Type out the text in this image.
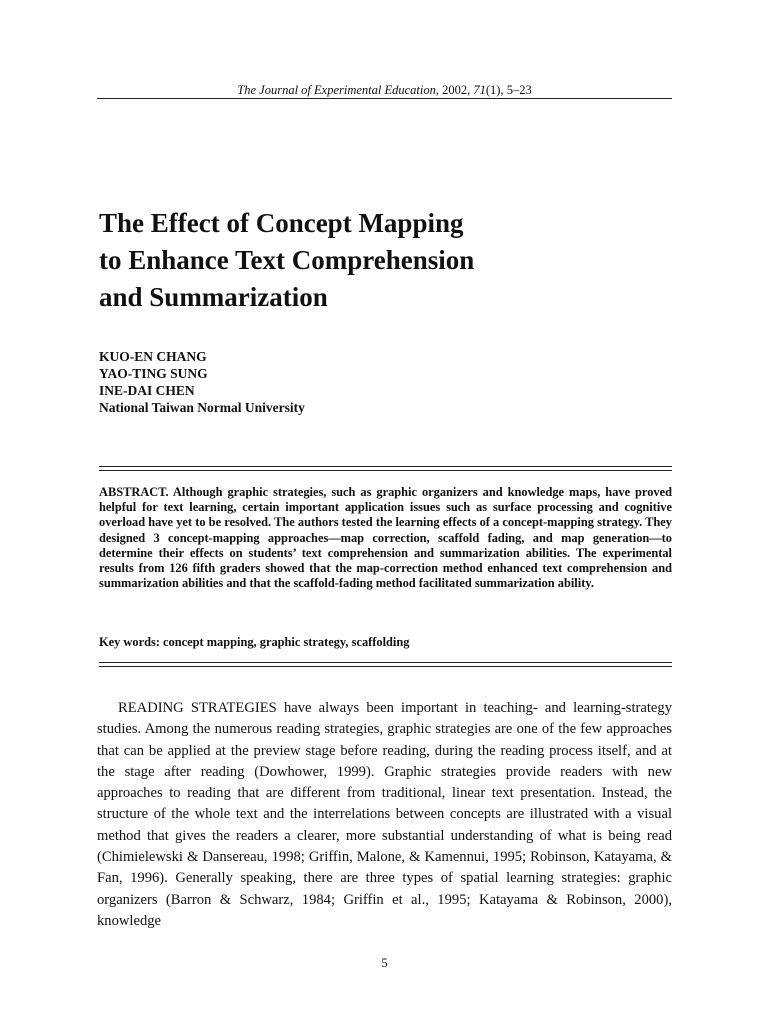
The Journal of Experimental Education, 2002, 71(1), 5–23
The Effect of Concept Mapping
to Enhance Text Comprehension
and Summarization
KUO-EN CHANG
YAO-TING SUNG
INE-DAI CHEN
National Taiwan Normal University

ABSTRACT. Although graphic strategies, such as graphic organizers and knowledge maps, have proved helpful for text learning, certain important application issues such as surface processing and cognitive overload have yet to be resolved. The authors tested the learning effects of a concept-mapping strategy. They designed 3 concept-mapping approaches—map correction, scaffold fading, and map generation—to determine their effects on students’ text comprehension and summarization abilities. The experimental results from 126 fifth graders showed that the map-correction method enhanced text comprehension and summarization abilities and that the scaffold-fading method facilitated summarization ability.

Key words: concept mapping, graphic strategy, scaffolding

READING STRATEGIES have always been important in teaching- and learning-strategy studies. Among the numerous reading strategies, graphic strategies are one of the few approaches that can be applied at the preview stage before reading, during the reading process itself, and at the stage after reading (Dowhower, 1999). Graphic strategies provide readers with new approaches to reading that are different from traditional, linear text presentation. Instead, the structure of the whole text and the interrelations between concepts are illustrated with a visual method that gives the readers a clearer, more substantial understanding of what is being read (Chimielewski & Dansereau, 1998; Griffin, Malone, & Kamennui, 1995; Robinson, Katayama, & Fan, 1996). Generally speaking, there are three types of spatial learning strategies: graphic organizers (Barron & Schwarz, 1984; Griffin et al., 1995; Katayama & Robinson, 2000), knowledge

5
